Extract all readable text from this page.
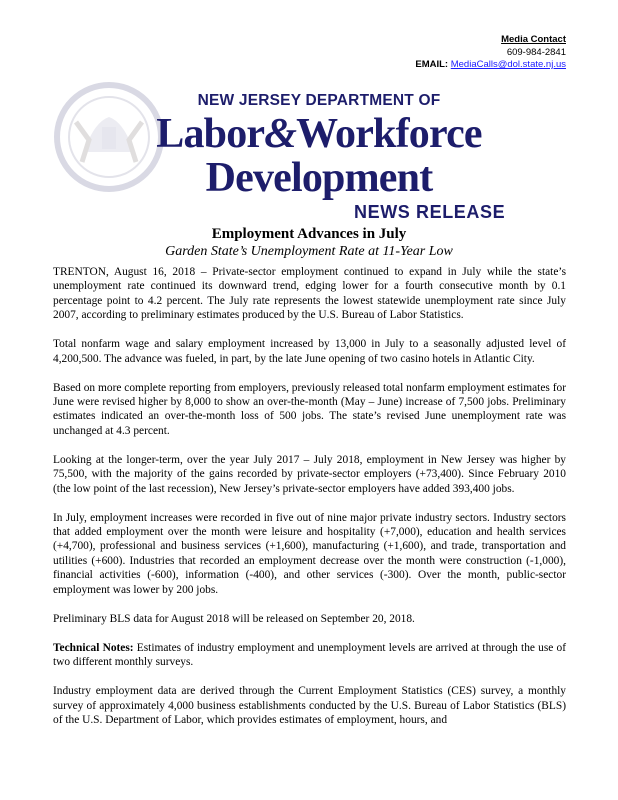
Media Contact
609-984-2841
EMAIL: MediaCalls@dol.state.nj.us
NEW JERSEY DEPARTMENT OF
Labor&Workforce Development
NEWS RELEASE
Employment Advances in July
Garden State’s Unemployment Rate at 11-Year Low

TRENTON, August 16, 2018 – Private-sector employment continued to expand in July while the state’s unemployment rate continued its downward trend, edging lower for a fourth consecutive month by 0.1 percentage point to 4.2 percent. The July rate represents the lowest statewide unemployment rate since July 2007, according to preliminary estimates produced by the U.S. Bureau of Labor Statistics.

Total nonfarm wage and salary employment increased by 13,000 in July to a seasonally adjusted level of 4,200,500. The advance was fueled, in part, by the late June opening of two casino hotels in Atlantic City.

Based on more complete reporting from employers, previously released total nonfarm employment estimates for June were revised higher by 8,000 to show an over-the-month (May – June) increase of 7,500 jobs. Preliminary estimates indicated an over-the-month loss of 500 jobs. The state’s revised June unemployment rate was unchanged at 4.3 percent.

Looking at the longer-term, over the year July 2017 – July 2018, employment in New Jersey was higher by 75,500, with the majority of the gains recorded by private-sector employers (+73,400). Since February 2010 (the low point of the last recession), New Jersey’s private-sector employers have added 393,400 jobs.

In July, employment increases were recorded in five out of nine major private industry sectors. Industry sectors that added employment over the month were leisure and hospitality (+7,000), education and health services (+4,700), professional and business services (+1,600), manufacturing (+1,600), and trade, transportation and utilities (+600). Industries that recorded an employment decrease over the month were construction (-1,000), financial activities (-600), information (-400), and other services (-300). Over the month, public-sector employment was lower by 200 jobs.

Preliminary BLS data for August 2018 will be released on September 20, 2018.

Technical Notes: Estimates of industry employment and unemployment levels are arrived at through the use of two different monthly surveys.

Industry employment data are derived through the Current Employment Statistics (CES) survey, a monthly survey of approximately 4,000 business establishments conducted by the U.S. Bureau of Labor Statistics (BLS) of the U.S. Department of Labor, which provides estimates of employment, hours, and
